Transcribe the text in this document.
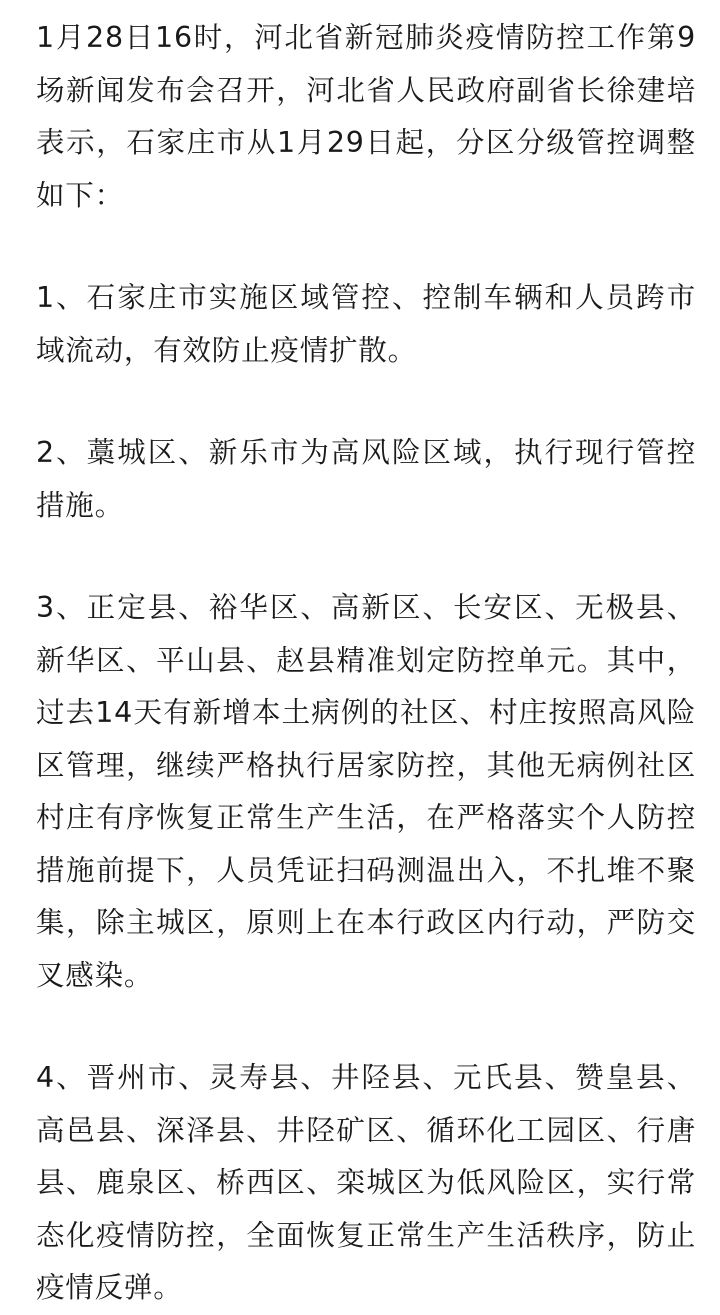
1月28日16时，河北省新冠肺炎疫情防控工作第9场新闻发布会召开，河北省人民政府副省长徐建培表示，石家庄市从1月29日起，分区分级管控调整如下：

1、石家庄市实施区域管控、控制车辆和人员跨市域流动，有效防止疫情扩散。

2、藁城区、新乐市为高风险区域，执行现行管控措施。

3、正定县、裕华区、高新区、长安区、无极县、新华区、平山县、赵县精准划定防控单元。其中，过去14天有新增本土病例的社区、村庄按照高风险区管理，继续严格执行居家防控，其他无病例社区村庄有序恢复正常生产生活，在严格落实个人防控措施前提下，人员凭证扫码测温出入，不扎堆不聚集，除主城区，原则上在本行政区内行动，严防交叉感染。

4、晋州市、灵寿县、井陉县、元氏县、赞皇县、高邑县、深泽县、井陉矿区、循环化工园区、行唐县、鹿泉区、桥西区、栾城区为低风险区，实行常态化疫情防控，全面恢复正常生产生活秩序，防止疫情反弹。
